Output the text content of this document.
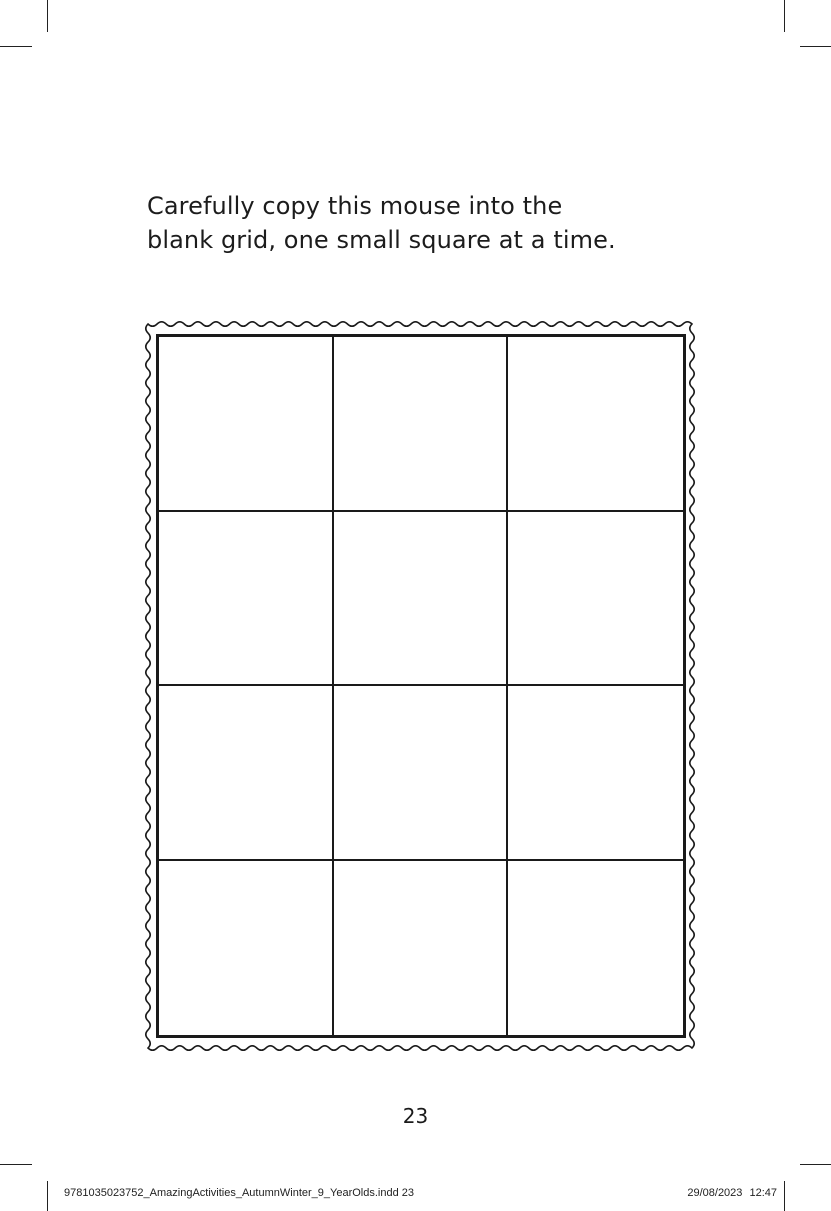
Carefully copy this mouse into the
blank grid, one small square at a time.
23
9781035023752_AmazingActivities_AutumnWinter_9_YearOlds.indd 23	29/08/2023 12:47
